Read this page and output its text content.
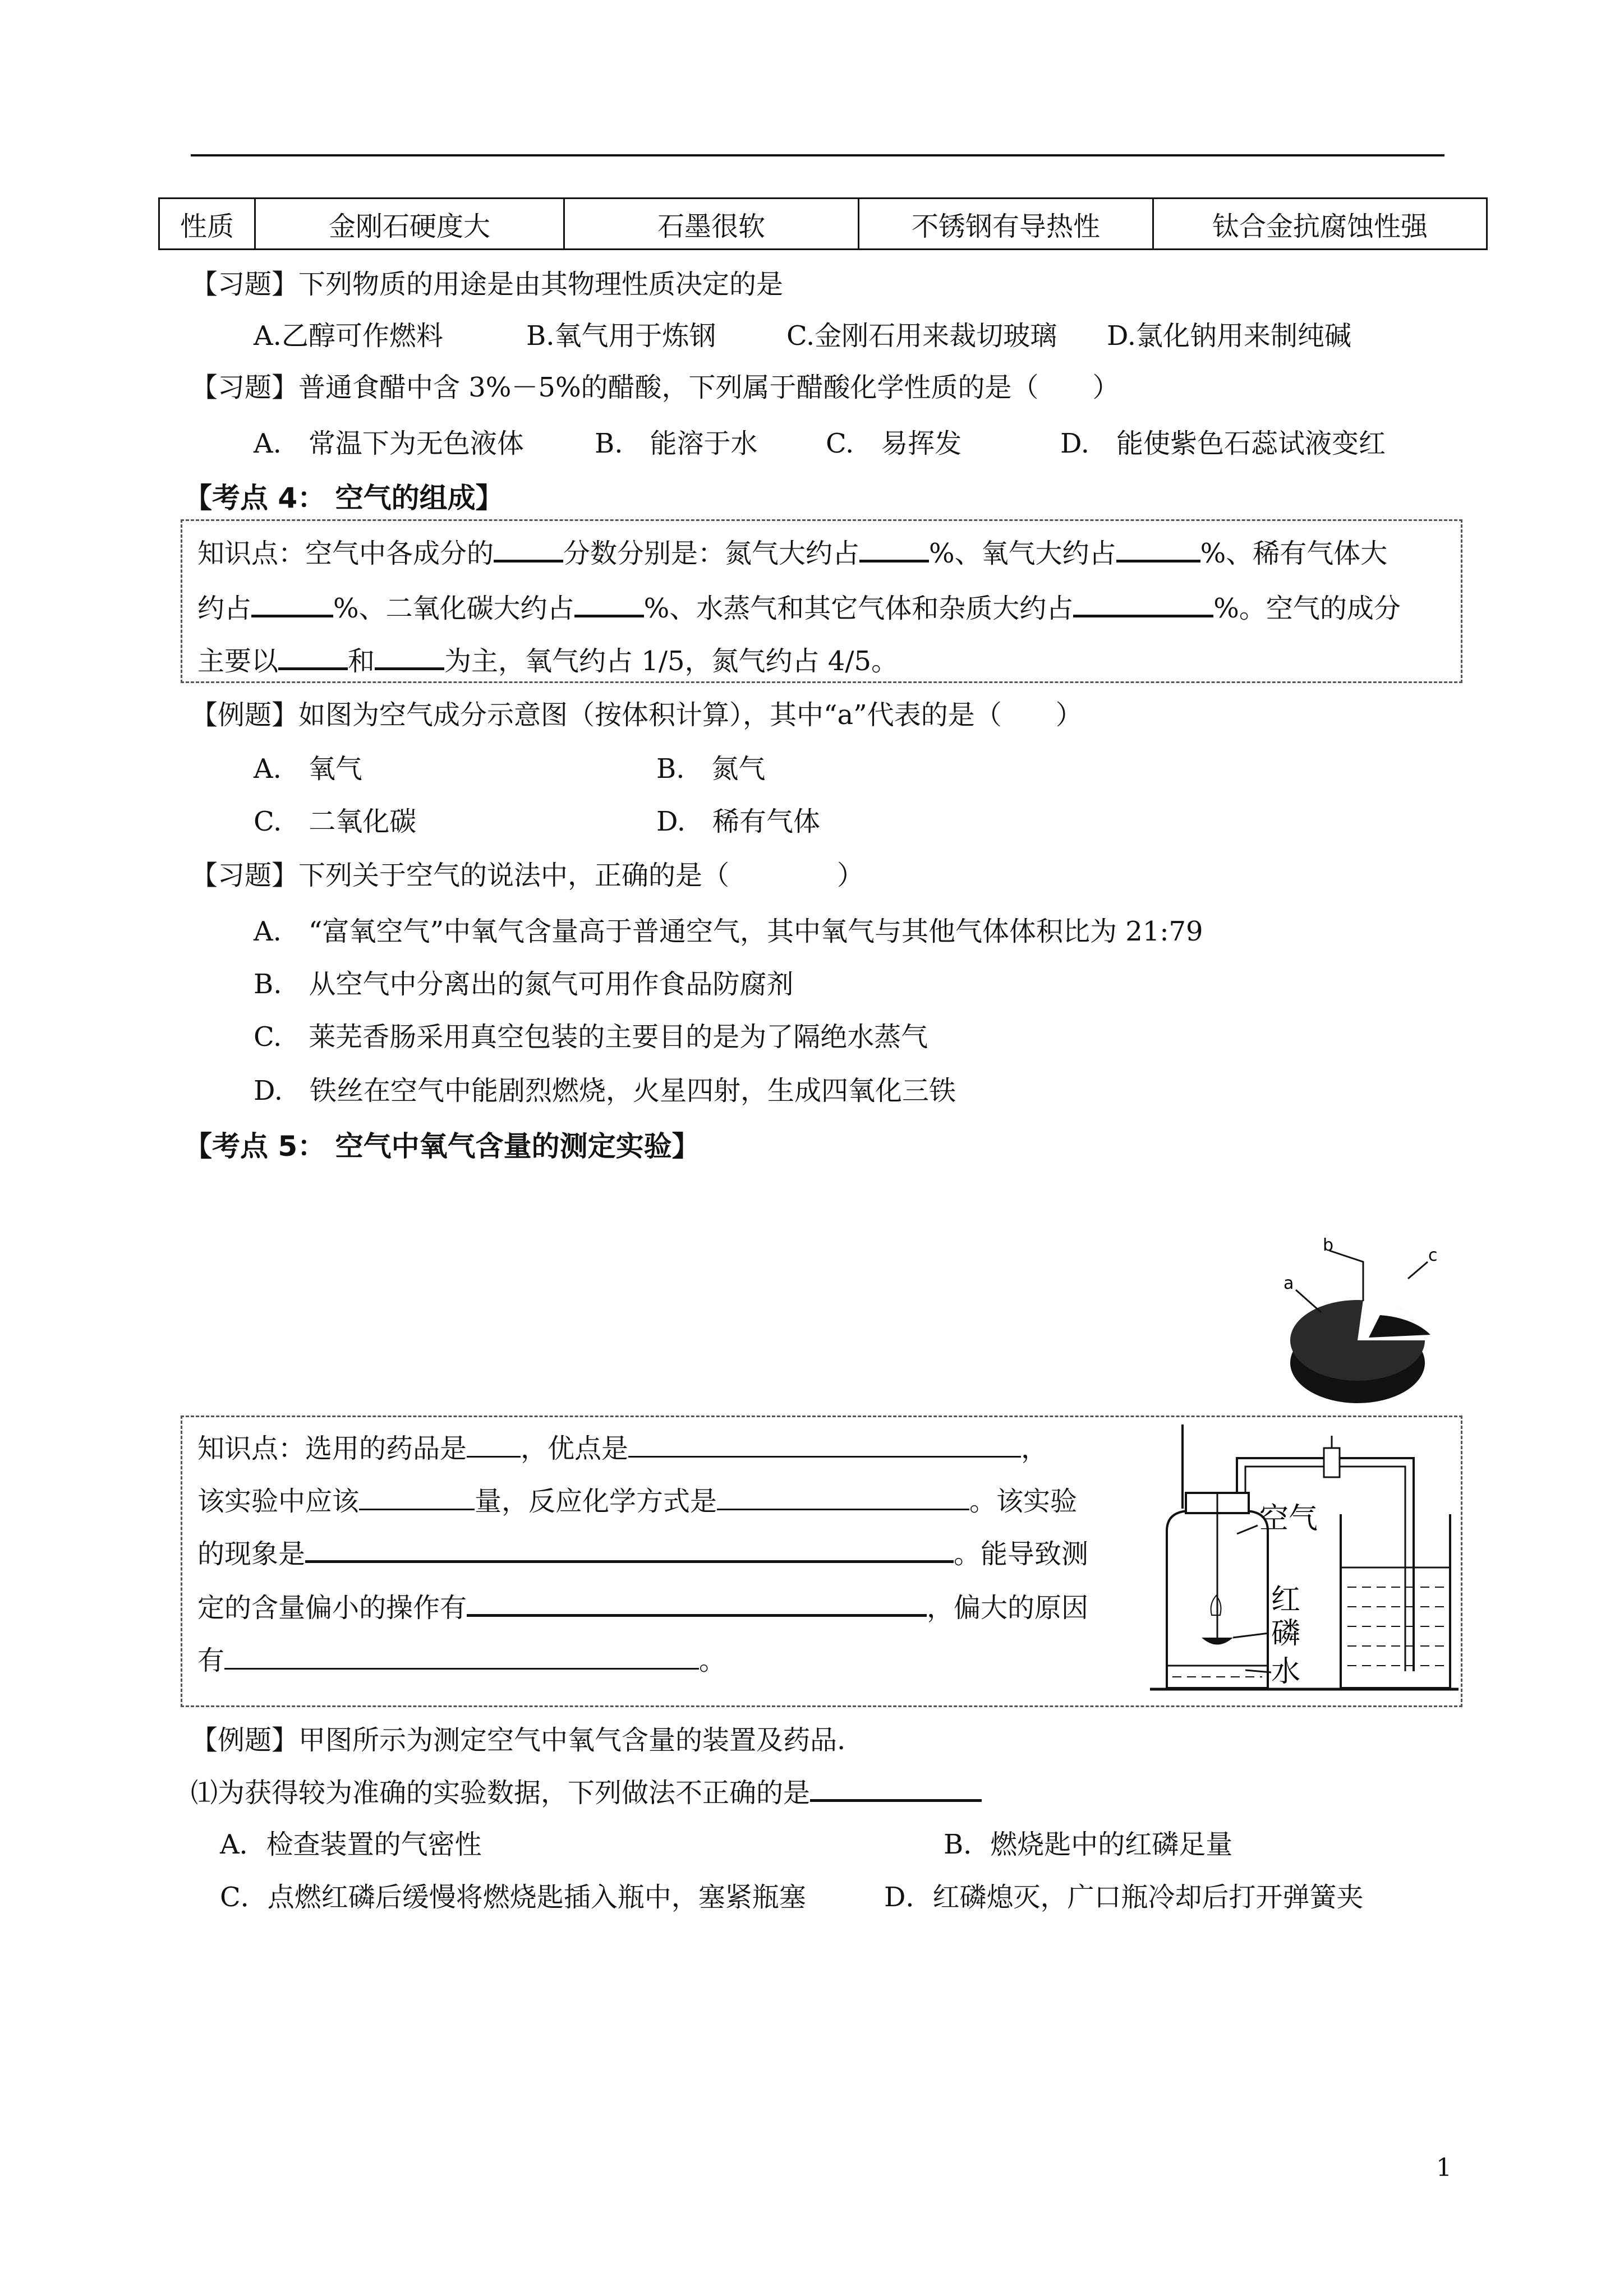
性质	金刚石硬度大	石墨很软	不锈钢有导热性	钛合金抗腐蚀性强
【习题】下列物质的用途是由其物理性质决定的是
A.乙醇可作燃料	B.氧气用于炼钢	C.金刚石用来裁切玻璃 D.氯化钠用来制纯碱
【习题】普通食醋中含 3%－5%的醋酸，下列属于醋酸化学性质的是（　　）
A.　常温下为无色液体	B.　能溶于水	C.　易挥发	D.　能使紫色石蕊试液变红
【考点 4： 空气的组成】
知识点：空气中各成分的	分数分别是：氮气大约占	%、氧气大约占	%、稀有气体大
约占	%、二氧化碳大约占	%、水蒸气和其它气体和杂质大约占	%。空气的成分
主要以	和	为主，氧气约占 1/5，氮气约占 4/5。
【例题】如图为空气成分示意图（按体积计算），其中“a”代表的是（　　）
A.　氧气	B.　氮气
C.　二氧化碳	D.　稀有气体
【习题】下列关于空气的说法中，正确的是（　　　　）
A.　“富氧空气”中氧气含量高于普通空气，其中氧气与其他气体体积比为 21:79
B.　从空气中分离出的氮气可用作食品防腐剂
C.　莱芜香肠采用真空包装的主要目的是为了隔绝水蒸气
D.　铁丝在空气中能剧烈燃烧，火星四射，生成四氧化三铁
【考点 5： 空气中氧气含量的测定实验】
a
b
c
知识点：选用的药品是 ，优点是	，
该实验中应该	量，反应化学方式是	。该实验
的现象是	。能导致测
定的含量偏小的操作有	，偏大的原因
有	。
空气
红
磷
水
【例题】甲图所示为测定空气中氧气含量的装置及药品.
⑴为获得较为准确的实验数据，下列做法不正确的是
A．检查装置的气密性	B．燃烧匙中的红磷足量
C．点燃红磷后缓慢将燃烧匙插入瓶中，塞紧瓶塞	D．红磷熄灭，广口瓶冷却后打开弹簧夹
1
